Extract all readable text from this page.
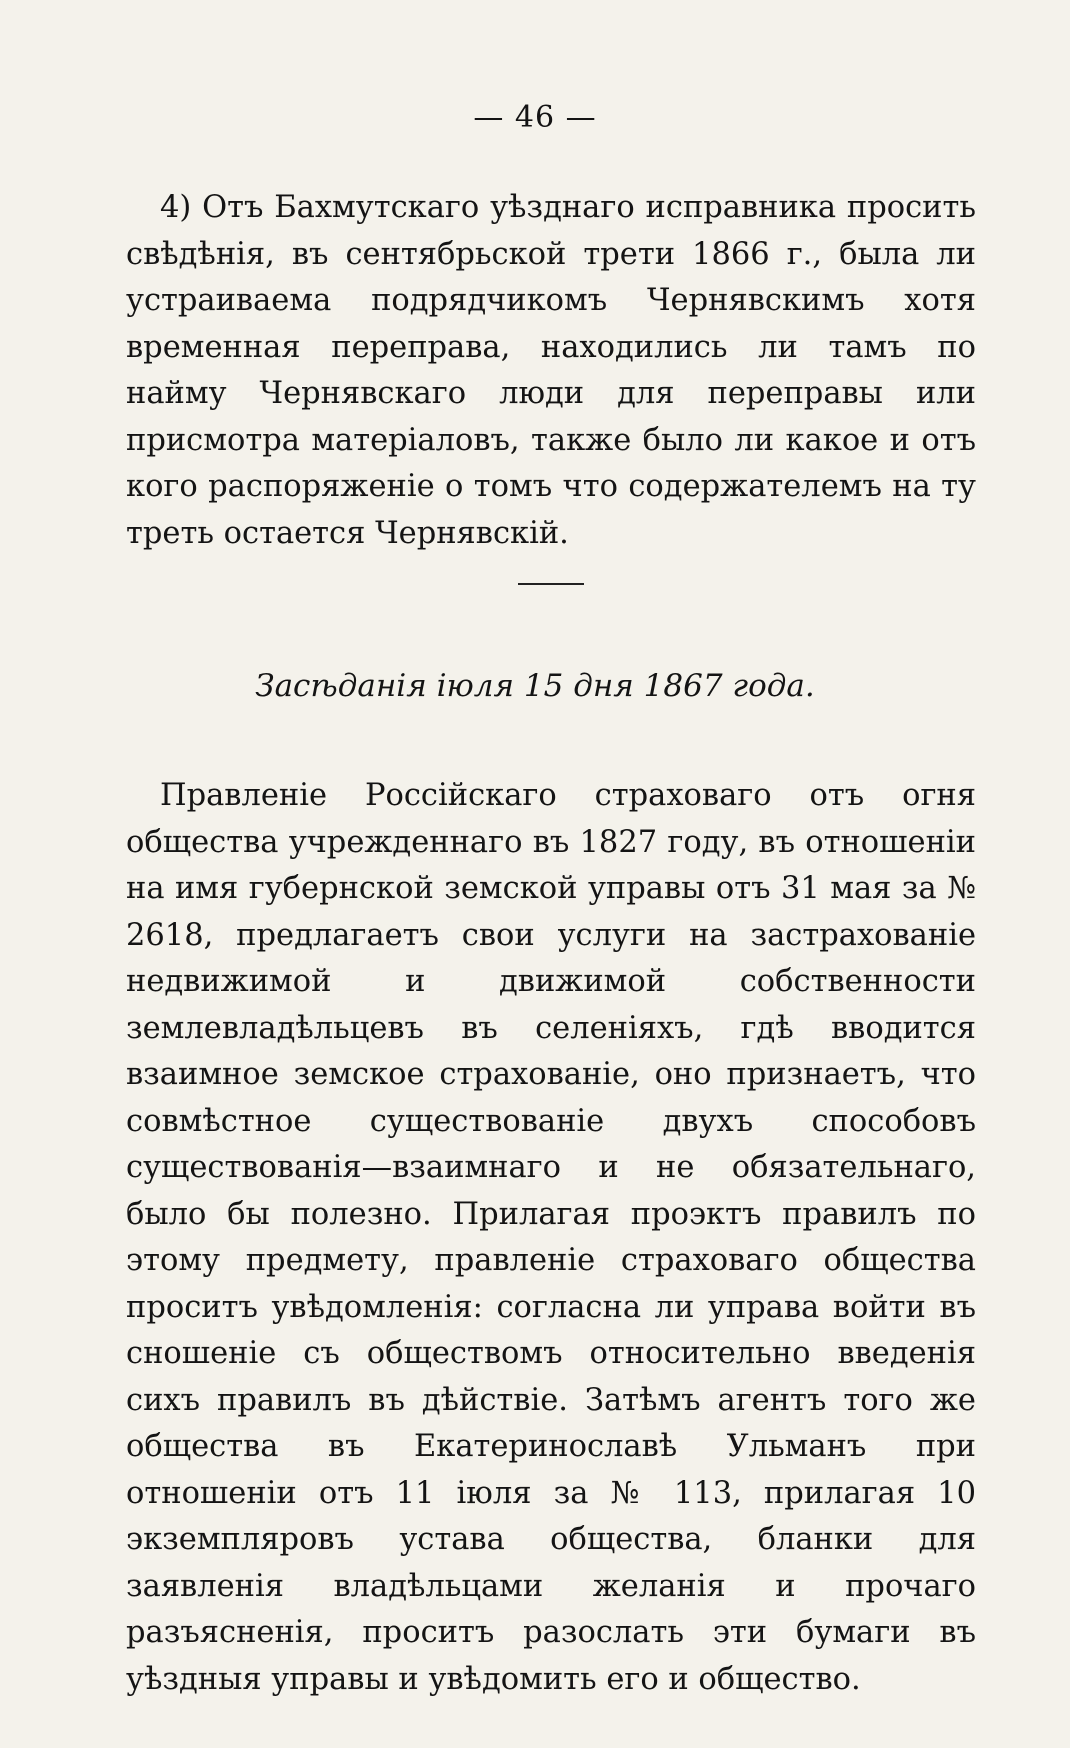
— 46 —

4) Отъ Бахмутскаго уѣзднаго исправника просить свѣдѣнія, въ сентябрьской трети 1866 г., была ли устраиваема подрядчикомъ Чернявскимъ хотя временная переправа, находились ли тамъ по найму Чернявскаго люди для переправы или присмотра матеріаловъ, также было ли какое и отъ кого распоряженіе о томъ что содержателемъ на ту треть остается Чернявскій.

Засѣданія іюля 15 дня 1867 года.

Правленіе Россійскаго страховаго отъ огня общества учрежденнаго въ 1827 году, въ отношеніи на имя губернской земской управы отъ 31 мая за № 2618, предлагаетъ свои услуги на застрахованіе недвижимой и движимой собственности землевладѣльцевъ въ селеніяхъ, гдѣ вводится взаимное земское страхованіе, оно признаетъ, что совмѣстное существованіе двухъ способовъ существованія—взаимнаго и не обязательнаго, было бы полезно. Прилагая проэктъ правилъ по этому предмету, правленіе страховаго общества проситъ увѣдомленія: согласна ли управа войти въ сношеніе съ обществомъ относительно введенія сихъ правилъ въ дѣйствіе. Затѣмъ агентъ того же общества въ Екатеринославѣ Ульманъ при отношеніи отъ 11 іюля за № 113, прилагая 10 экземпляровъ устава общества, бланки для заявленія владѣльцами желанія и прочаго разъясненія, проситъ разослать эти бумаги въ уѣздныя управы и увѣдомить его и общество.
